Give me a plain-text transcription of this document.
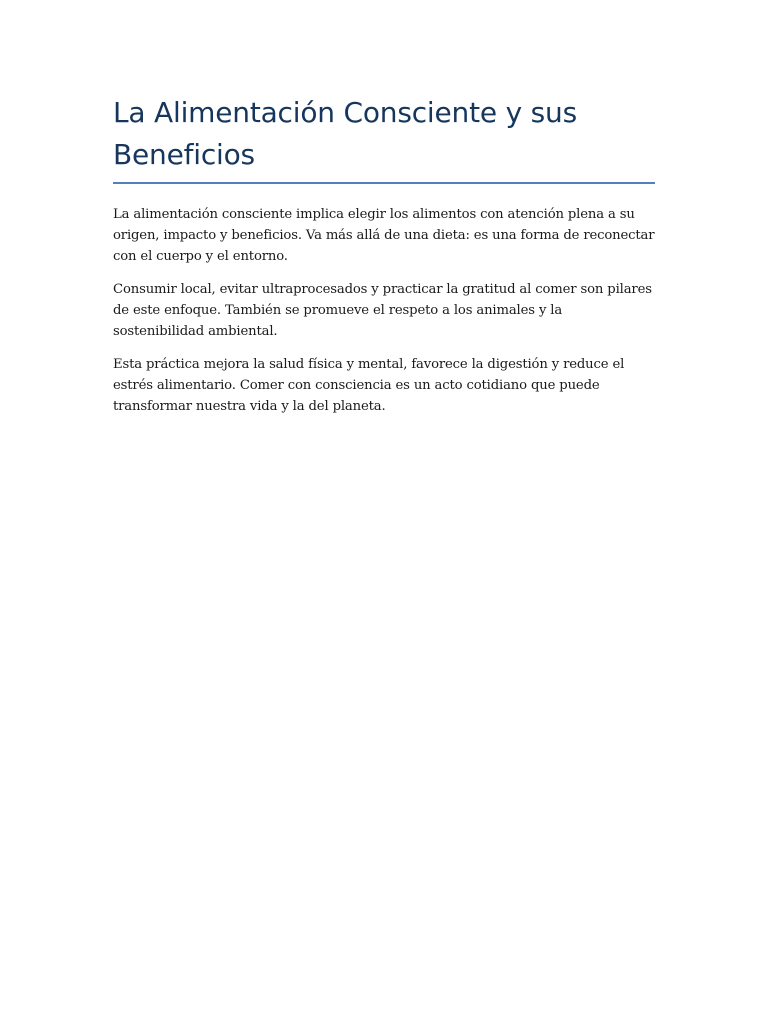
La Alimentación Consciente y sus Beneficios

La alimentación consciente implica elegir los alimentos con atención plena a su origen, impacto y beneficios. Va más allá de una dieta: es una forma de reconectar con el cuerpo y el entorno.

Consumir local, evitar ultraprocesados y practicar la gratitud al comer son pilares de este enfoque. También se promueve el respeto a los animales y la sostenibilidad ambiental.

Esta práctica mejora la salud física y mental, favorece la digestión y reduce el estrés alimentario. Comer con consciencia es un acto cotidiano que puede transformar nuestra vida y la del planeta.
